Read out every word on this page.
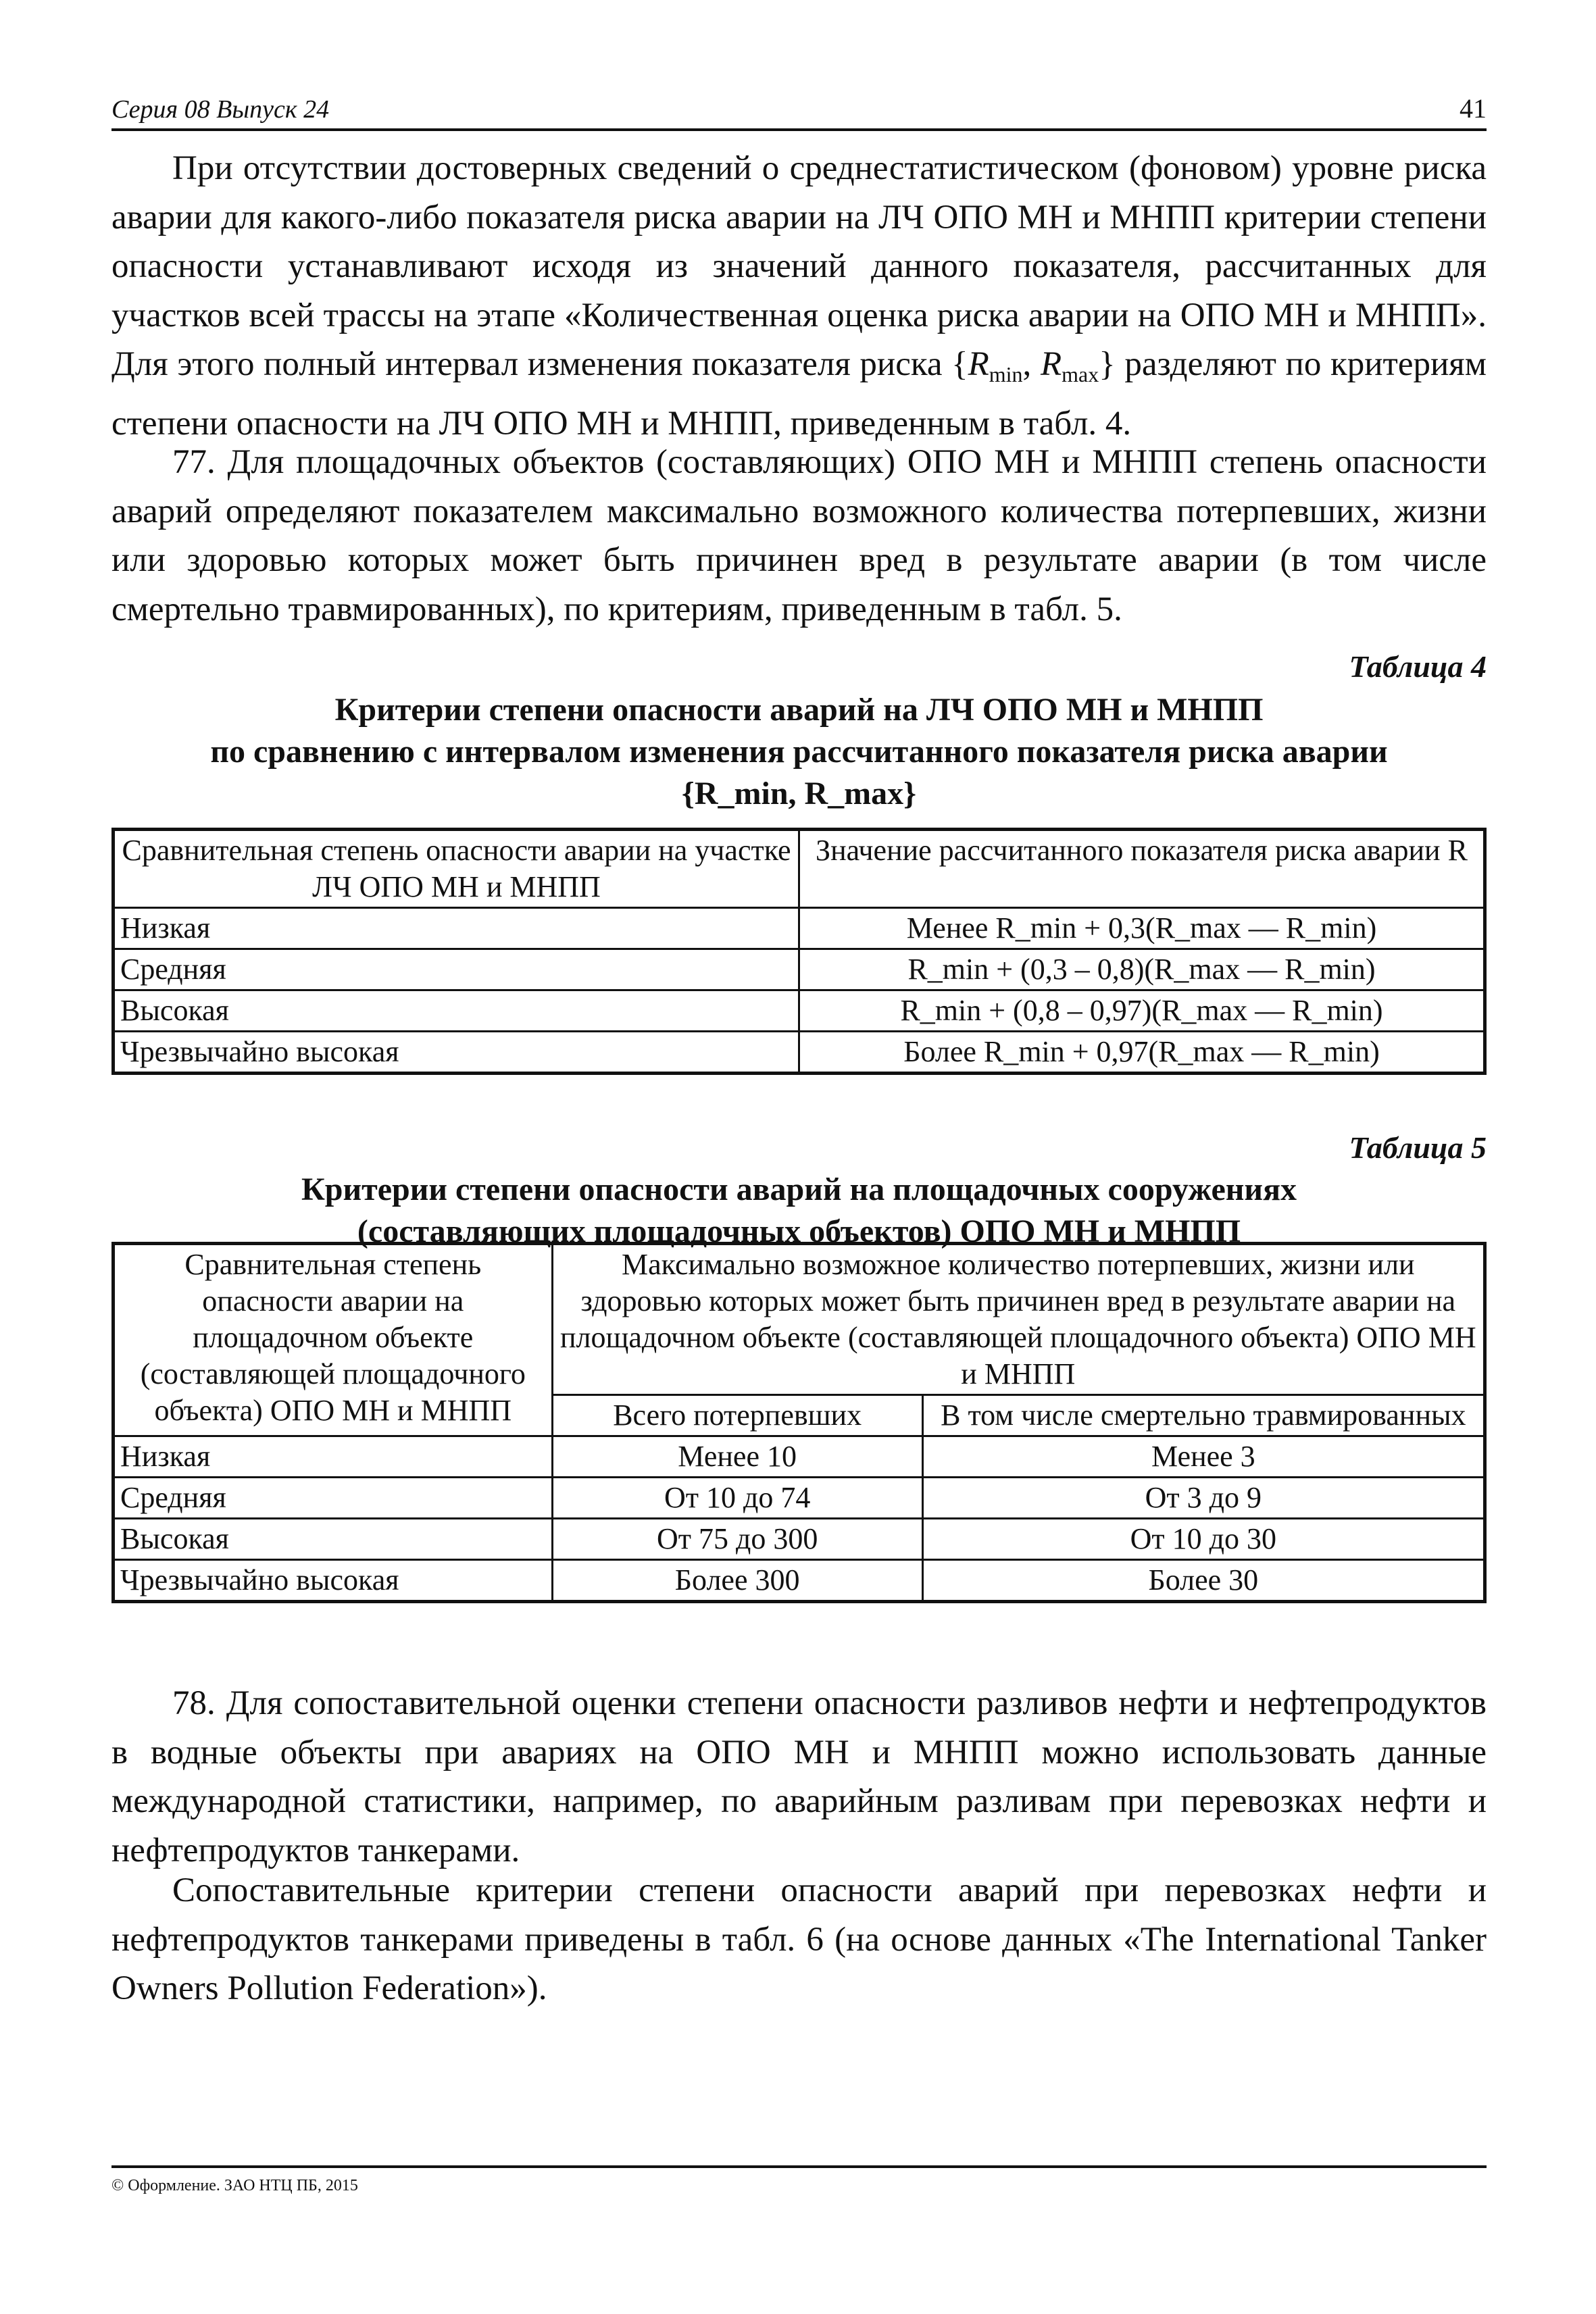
Серия 08 Выпуск 24	41

При отсутствии достоверных сведений о среднестатистическом (фоновом) уровне риска аварии для какого-либо показателя риска аварии на ЛЧ ОПО МН и МНПП критерии степени опасности устанавливают исходя из значений данного показателя, рассчитанных для участков всей трассы на этапе «Количественная оценка риска аварии на ОПО МН и МНПП». Для этого полный интервал изменения показателя риска {$R_{min}$, $R_{max}$} разделяют по критериям степени опасности на ЛЧ ОПО МН и МНПП, приведенным в табл. 4.

77. Для площадочных объектов (составляющих) ОПО МН и МНПП степень опасности аварий определяют показателем максимально возможного количества потерпевших, жизни или здоровью которых может быть причинен вред в результате аварии (в том числе смертельно травмированных), по критериям, приведенным в табл. 5.

Таблица 4
Критерии степени опасности аварий на ЛЧ ОПО МН и МНПП
по сравнению с интервалом изменения рассчитанного показателя риска аварии
{R_min, R_max}
Сравнительная степень опасности аварии на участке ЛЧ ОПО МН и МНПП	Значение рассчитанного показателя риска аварии R
Низкая	Менее R_min + 0,3(R_max — R_min)
Средняя	R_min + (0,3 – 0,8)(R_max — R_min)
Высокая	R_min + (0,8 – 0,97)(R_max — R_min)
Чрезвычайно высокая	Более R_min + 0,97(R_max — R_min)
Таблица 5
Критерии степени опасности аварий на площадочных сооружениях
(составляющих площадочных объектов) ОПО МН и МНПП
Сравнительная степень опасности аварии на площадочном объекте (составляющей площадочного объекта) ОПО МН и МНПП	Максимально возможное количество потерпевших, жизни или здоровью которых может быть причинен вред в результате аварии на площадочном объекте (составляющей площадочного объекта) ОПО МН и МНПП	
	Всего потерпевших	В том числе смертельно травмированных
Низкая	Менее 10	Менее 3
Средняя	От 10 до 74	От 3 до 9
Высокая	От 75 до 300	От 10 до 30
Чрезвычайно высокая	Более 300	Более 30

78. Для сопоставительной оценки степени опасности разливов нефти и нефтепродуктов в водные объекты при авариях на ОПО МН и МНПП можно использовать данные международной статистики, например, по аварийным разливам при перевозках нефти и нефтепродуктов танкерами.

Сопоставительные критерии степени опасности аварий при перевозках нефти и нефтепродуктов танкерами приведены в табл. 6 (на основе данных «The International Tanker Owners Pollution Federation»).

© Оформление. ЗАО НТЦ ПБ, 2015
